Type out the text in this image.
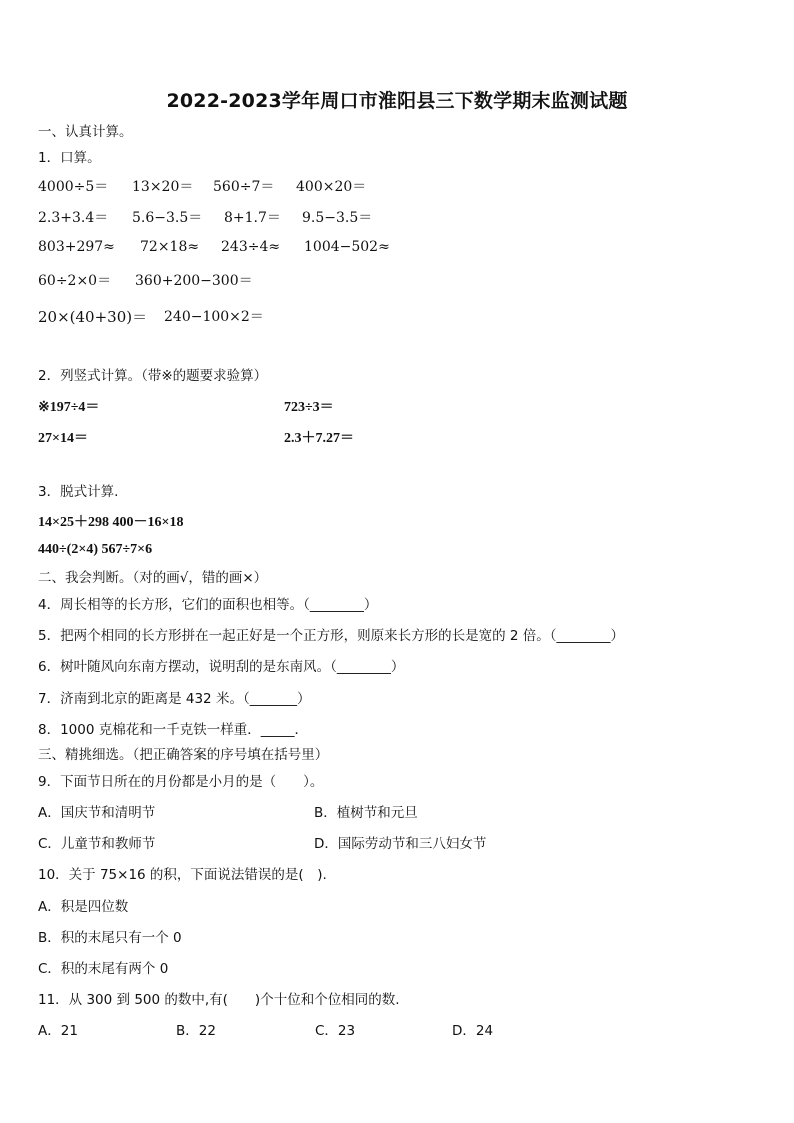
2022-2023学年周口市淮阳县三下数学期末监测试题
一、认真计算。
1．口算。
4000÷5＝ 13×20＝ 560÷7＝ 400×20＝
2.3+3.4＝ 5.6−3.5＝ 8+1.7＝ 9.5−3.5＝
803+297≈ 72×18≈ 243÷4≈ 1004−502≈
60÷2×0＝ 360+200−300＝
20×(40+30)＝ 240−100×2＝
2．列竖式计算。（带※的题要求验算）
※197÷4＝	723÷3＝
27×14＝	2.3＋7.27＝
3．脱式计算.
14×25＋298 400－16×18
440÷(2×4) 567÷7×6
二、我会判断。（对的画√，错的画×）
4．周长相等的长方形，它们的面积也相等。（________）
5．把两个相同的长方形拼在一起正好是一个正方形，则原来长方形的长是宽的 2 倍。（________）
6．树叶随风向东南方摆动，说明刮的是东南风。（________）
7．济南到北京的距离是 432 米。（_______）
8．1000 克棉花和一千克铁一样重．_____．
三、精挑细选。（把正确答案的序号填在括号里）
9．下面节日所在的月份都是小月的是（　　）。
A．国庆节和清明节	B．植树节和元旦
C．儿童节和教师节	D．国际劳动节和三八妇女节
10．关于 75×16 的积，下面说法错误的是(　).
A．积是四位数
B．积的末尾只有一个 0
C．积的末尾有两个 0
11．从 300 到 500 的数中,有(　　)个十位和个位相同的数.
A．21	B．22	C．23	D．24
